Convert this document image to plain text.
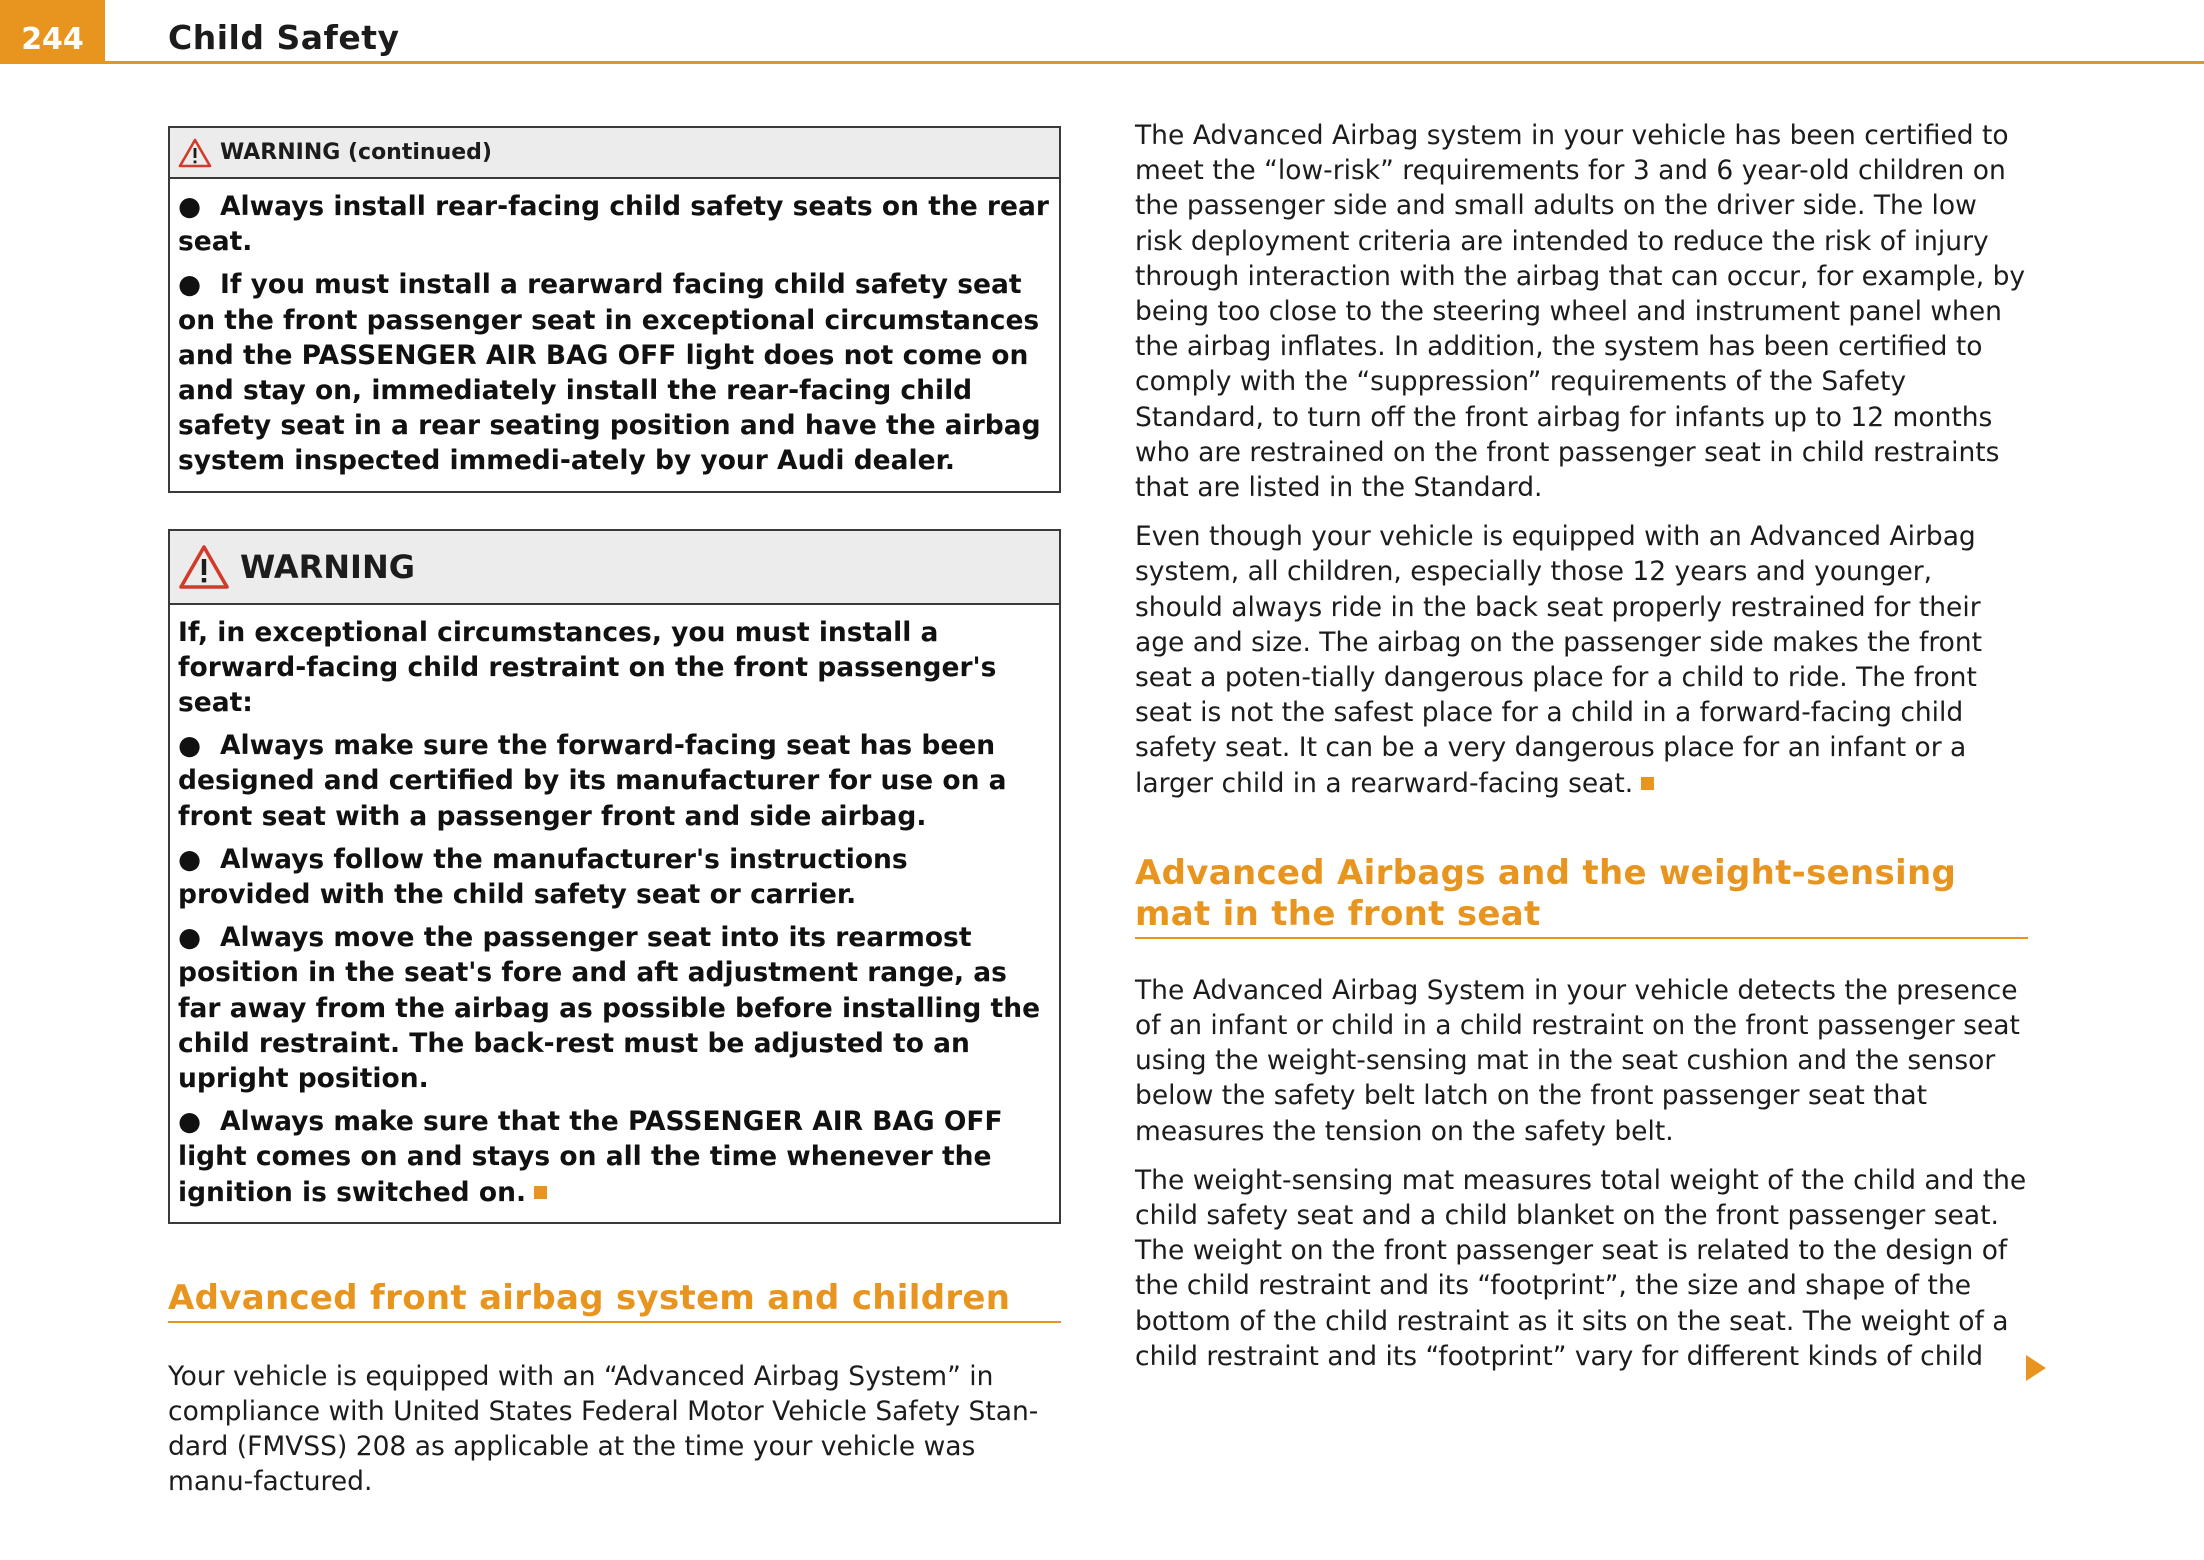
244	Child Safety
WARNING (continued)

● Always install rear-facing child safety seats on the rear seat.

● If you must install a rearward facing child safety seat on the front passenger seat in exceptional circumstances and the PASSENGER AIR BAG OFF light does not come on and stay on, immediately install the rear-facing child safety seat in a rear seating position and have the airbag system inspected immedi-ately by your Audi dealer.

WARNING

If, in exceptional circumstances, you must install a forward-facing child restraint on the front passenger's seat:

● Always make sure the forward-facing seat has been designed and certified by its manufacturer for use on a front seat with a passenger front and side airbag.

● Always follow the manufacturer's instructions provided with the child safety seat or carrier.

● Always move the passenger seat into its rearmost position in the seat's fore and aft adjustment range, as far away from the airbag as possible before installing the child restraint. The back-rest must be adjusted to an upright position.

● Always make sure that the PASSENGER AIR BAG OFF light comes on and stays on all the time whenever the ignition is switched on.

Advanced front airbag system and children

Your vehicle is equipped with an “Advanced Airbag System” in compliance with United States Federal Motor Vehicle Safety Stan-dard (FMVSS) 208 as applicable at the time your vehicle was manu-factured.

The Advanced Airbag system in your vehicle has been certified to meet the “low-risk” requirements for 3 and 6 year-old children on the passenger side and small adults on the driver side. The low risk deployment criteria are intended to reduce the risk of injury through interaction with the airbag that can occur, for example, by being too close to the steering wheel and instrument panel when the airbag inflates. In addition, the system has been certified to comply with the “suppression” requirements of the Safety Standard, to turn off the front airbag for infants up to 12 months who are restrained on the front passenger seat in child restraints that are listed in the Standard.

Even though your vehicle is equipped with an Advanced Airbag system, all children, especially those 12 years and younger, should always ride in the back seat properly restrained for their age and size. The airbag on the passenger side makes the front seat a poten-tially dangerous place for a child to ride. The front seat is not the safest place for a child in a forward-facing child safety seat. It can be a very dangerous place for an infant or a larger child in a rearward-facing seat.

Advanced Airbags and the weight-sensing mat in the front seat

The Advanced Airbag System in your vehicle detects the presence of an infant or child in a child restraint on the front passenger seat using the weight-sensing mat in the seat cushion and the sensor below the safety belt latch on the front passenger seat that measures the tension on the safety belt.

The weight-sensing mat measures total weight of the child and the child safety seat and a child blanket on the front passenger seat. The weight on the front passenger seat is related to the design of the child restraint and its “footprint”, the size and shape of the bottom of the child restraint as it sits on the seat. The weight of a child restraint and its “footprint” vary for different kinds of child
